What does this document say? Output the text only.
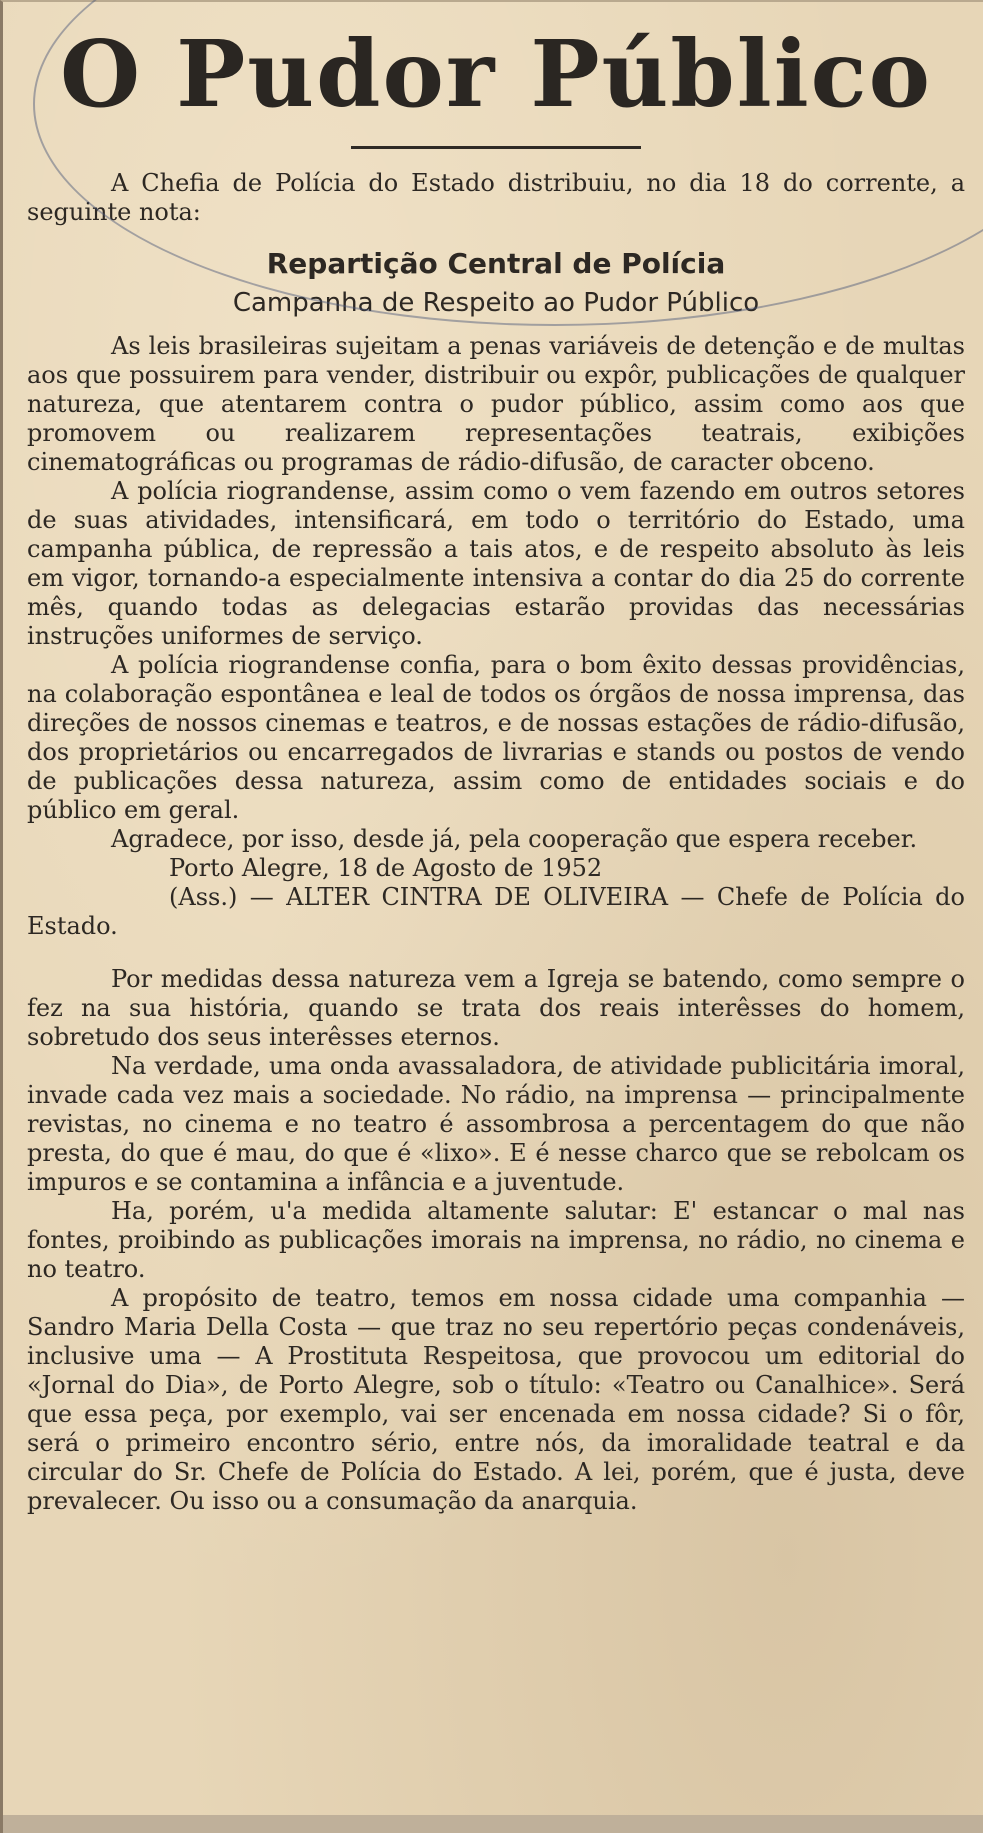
O Pudor Público

A Chefia de Polícia do Estado distribuiu, no dia 18 do corrente, a seguinte nota:

Repartição Central de Polícia
Campanha de Respeito ao Pudor Público

As leis brasileiras sujeitam a penas variáveis de detenção e de multas aos que possuirem para vender, distribuir ou expôr, publicações de qualquer natureza, que atentarem contra o pudor público, assim como aos que promovem ou realizarem representações teatrais, exibições cinematográficas ou programas de rádio-difusão, de caracter obceno.

A polícia riograndense, assim como o vem fazendo em outros setores de suas atividades, intensificará, em todo o território do Estado, uma campanha pública, de repressão a tais atos, e de respeito absoluto às leis em vigor, tornando-a especialmente intensiva a contar do dia 25 do corrente mês, quando todas as delegacias estarão providas das necessárias instruções uniformes de serviço.

A polícia riograndense confia, para o bom êxito dessas providências, na colaboração espontânea e leal de todos os órgãos de nossa imprensa, das direções de nossos cinemas e teatros, e de nossas estações de rádio-difusão, dos proprietários ou encarregados de livrarias e stands ou postos de vendo de publicações dessa natureza, assim como de entidades sociais e do público em geral.

Agradece, por isso, desde já, pela cooperação que espera receber.

Porto Alegre, 18 de Agosto de 1952

(Ass.) — ALTER CINTRA DE OLIVEIRA — Chefe de Polícia do Estado.

Por medidas dessa natureza vem a Igreja se batendo, como sempre o fez na sua história, quando se trata dos reais interêsses do homem, sobretudo dos seus interêsses eternos.

Na verdade, uma onda avassaladora, de atividade publicitária imoral, invade cada vez mais a sociedade. No rádio, na imprensa — principalmente revistas, no cinema e no teatro é assombrosa a percentagem do que não presta, do que é mau, do que é «lixo». E é nesse charco que se rebolcam os impuros e se contamina a infância e a juventude.

Ha, porém, u'a medida altamente salutar: E' estancar o mal nas fontes, proibindo as publicações imorais na imprensa, no rádio, no cinema e no teatro.

A propósito de teatro, temos em nossa cidade uma companhia — Sandro Maria Della Costa — que traz no seu repertório peças condenáveis, inclusive uma — A Prostituta Respeitosa, que provocou um editorial do «Jornal do Dia», de Porto Alegre, sob o título: «Teatro ou Canalhice». Será que essa peça, por exemplo, vai ser encenada em nossa cidade? Si o fôr, será o primeiro encontro sério, entre nós, da imoralidade teatral e da circular do Sr. Chefe de Polícia do Estado. A lei, porém, que é justa, deve prevalecer. Ou isso ou a consumação da anarquia.
